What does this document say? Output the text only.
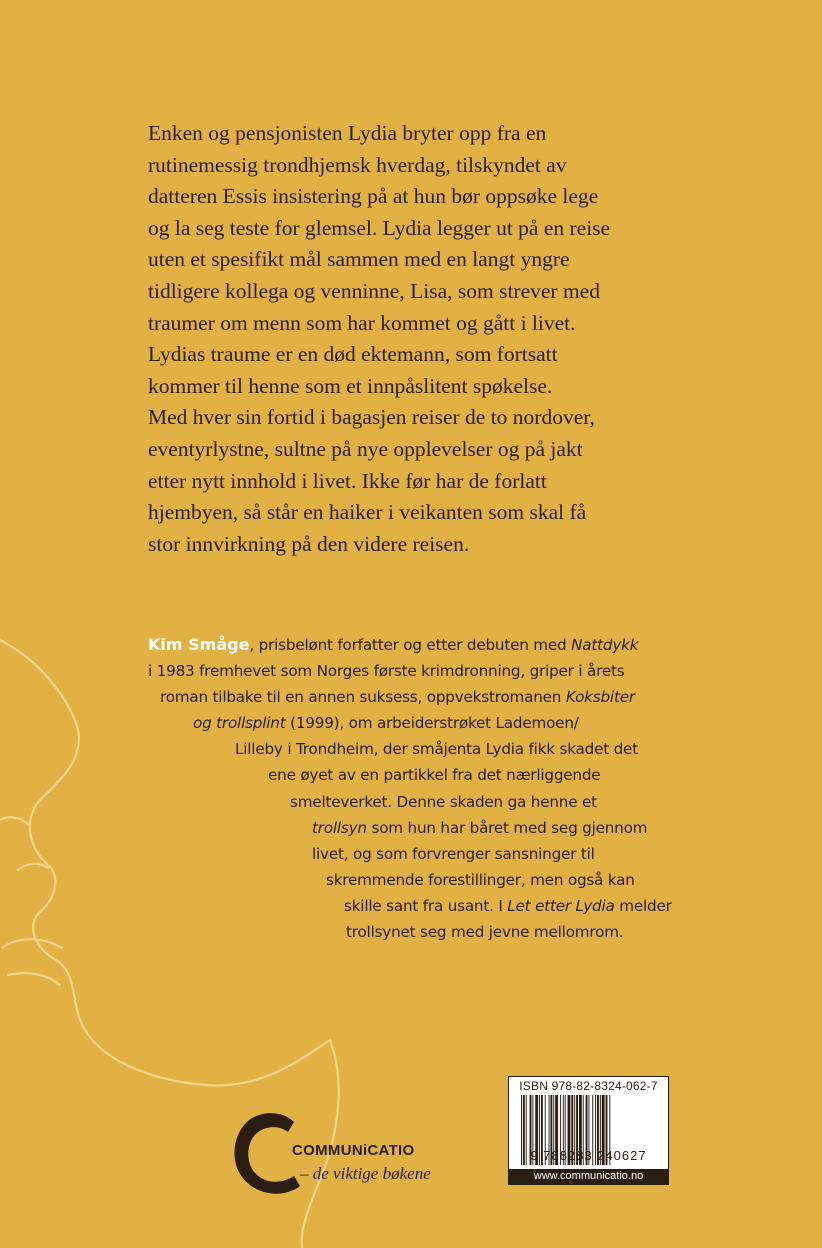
Enken og pensjonisten Lydia bryter opp fra en
rutinemessig trondhjemsk hverdag, tilskyndet av
datteren Essis insistering på at hun bør oppsøke lege
og la seg teste for glemsel. Lydia legger ut på en reise
uten et spesifikt mål sammen med en langt yngre
tidligere kollega og venninne, Lisa, som strever med
traumer om menn som har kommet og gått i livet.
Lydias traume er en død ektemann, som fortsatt
kommer til henne som et innpåslitent spøkelse.
Med hver sin fortid i bagasjen reiser de to nordover,
eventyrlystne, sultne på nye opplevelser og på jakt
etter nytt innhold i livet. Ikke før har de forlatt
hjembyen, så står en haiker i veikanten som skal få
stor innvirkning på den videre reisen.
Kim Småge, prisbelønt forfatter og etter debuten med Nattdykk
i 1983 fremhevet som Norges første krimdronning, griper i årets
roman tilbake til en annen suksess, oppvekstromanen Koksbiter
og trollsplint (1999), om arbeiderstrøket Lademoen/
Lilleby i Trondheim, der småjenta Lydia fikk skadet det
ene øyet av en partikkel fra det nærliggende
smelteverket. Denne skaden ga henne et
trollsyn som hun har båret med seg gjennom
livet, og som forvrenger sansninger til
skremmende forestillinger, men også kan
skille sant fra usant. I Let etter Lydia melder
trollsynet seg med jevne mellomrom.
COMMUNiCATIO
– de viktige bøkene
ISBN 978-82-8324-062-7
9 788283 240627
www.communicatio.no
